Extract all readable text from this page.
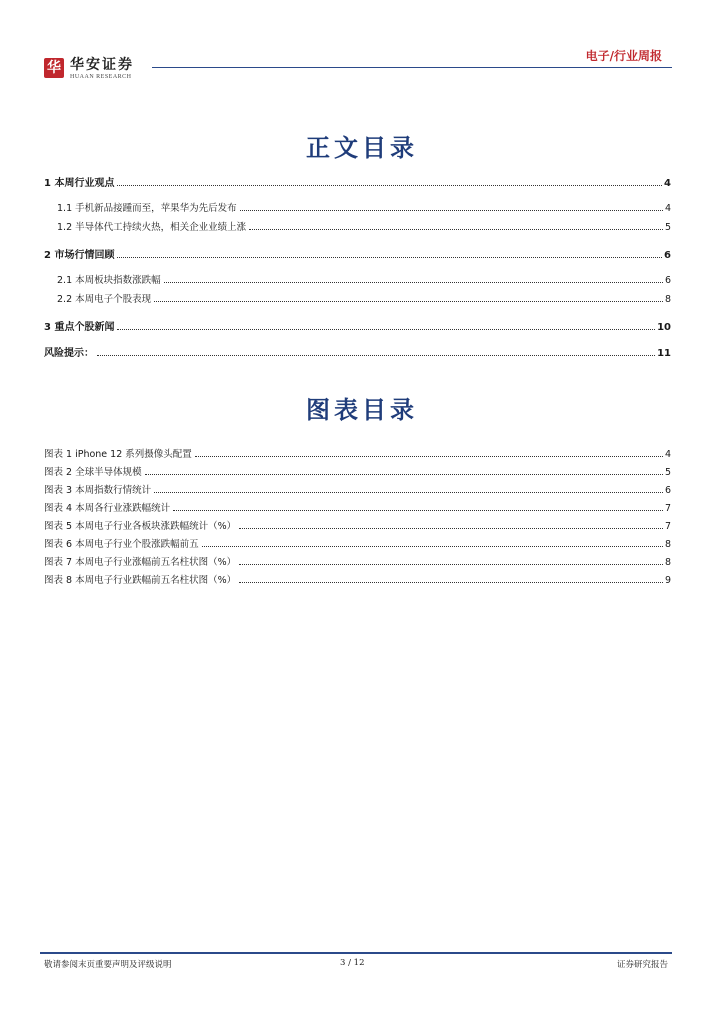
华 华安证券
HUAAN RESEARCH
电子/行业周报
正文目录
1 本周行业观点	4
1.1 手机新品接踵而至，苹果华为先后发布	4
1.2 半导体代工持续火热，相关企业业绩上涨	5
2 市场行情回顾	6
2.1 本周板块指数涨跌幅	6
2.2 本周电子个股表现	8
3 重点个股新闻	10
风险提示：	11
图表目录
图表 1 iPhone 12 系列摄像头配置	4
图表 2 全球半导体规模	5
图表 3 本周指数行情统计	6
图表 4 本周各行业涨跌幅统计	7
图表 5 本周电子行业各板块涨跌幅统计（%）	7
图表 6 本周电子行业个股涨跌幅前五	8
图表 7 本周电子行业涨幅前五名柱状图（%）	8
图表 8 本周电子行业跌幅前五名柱状图（%）	9
敬请参阅末页重要声明及评级说明	3 / 12	证券研究报告
